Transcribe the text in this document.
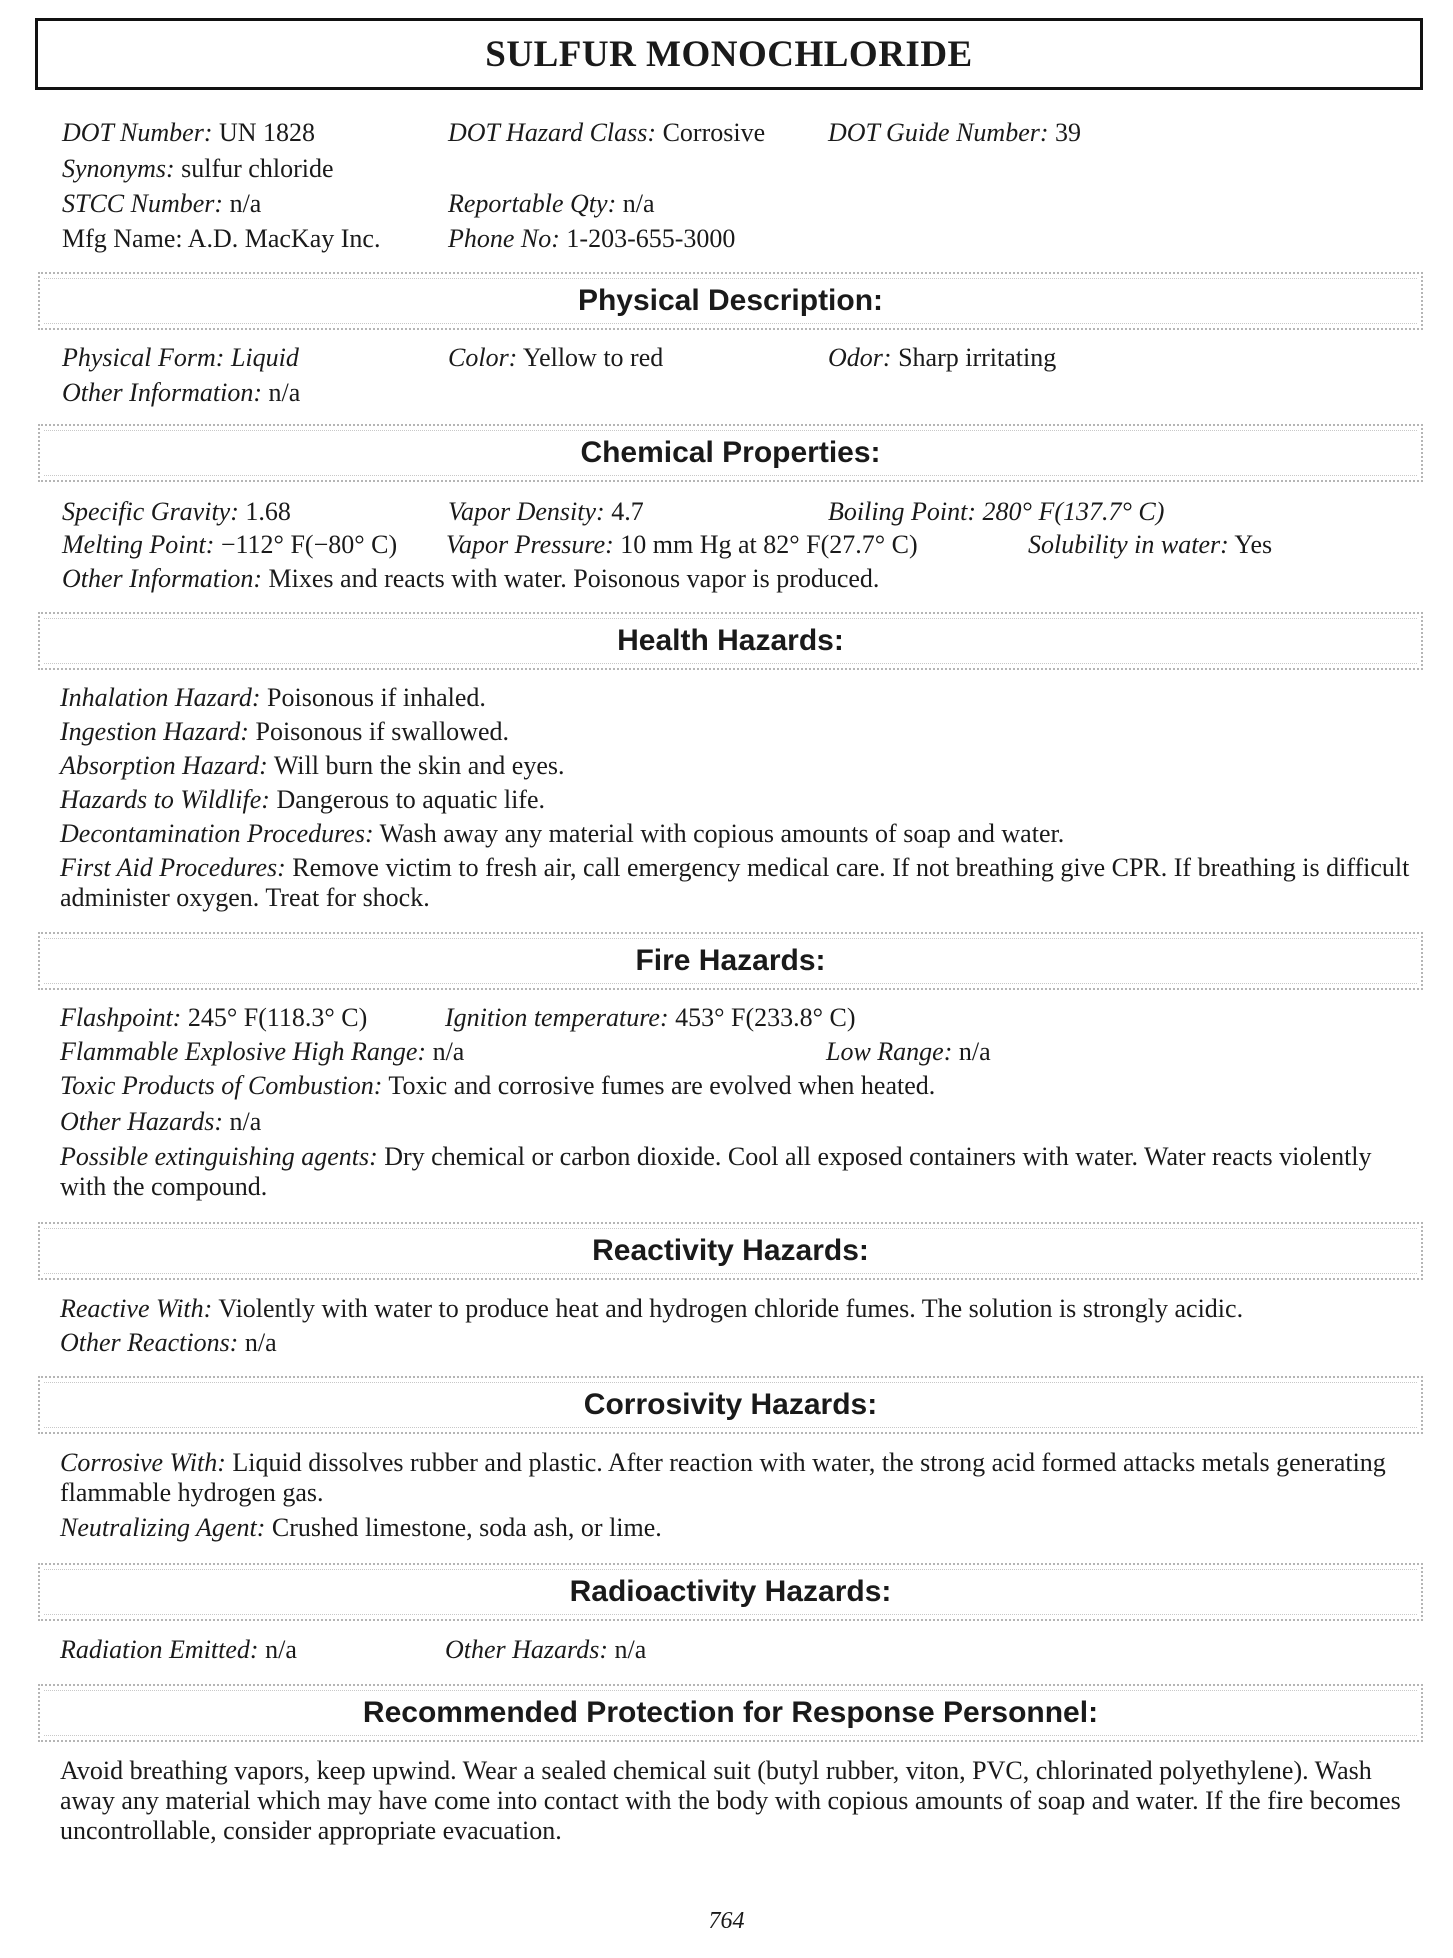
SULFUR MONOCHLORIDE
DOT Number: UN 1828	DOT Hazard Class: Corrosive DOT Guide Number: 39
Synonyms: sulfur chloride
STCC Number: n/a	Reportable Qty: n/a
Mfg Name: A.D. MacKay Inc.	Phone No: 1-203-655-3000
Physical Description:
Physical Form: Liquid	Color: Yellow to red	Odor: Sharp irritating
Other Information: n/a
Chemical Properties:
Specific Gravity: 1.68	Vapor Density: 4.7	Boiling Point: 280° F(137.7° C)
Melting Point: −112° F(−80° C) Vapor Pressure: 10 mm Hg at 82° F(27.7° C)	Solubility in water: Yes
Other Information: Mixes and reacts with water. Poisonous vapor is produced.
Health Hazards:
Inhalation Hazard: Poisonous if inhaled.
Ingestion Hazard: Poisonous if swallowed.
Absorption Hazard: Will burn the skin and eyes.
Hazards to Wildlife: Dangerous to aquatic life.
Decontamination Procedures: Wash away any material with copious amounts of soap and water.
First Aid Procedures: Remove victim to fresh air, call emergency medical care. If not breathing give CPR. If breathing is difficult administer oxygen. Treat for shock.
Fire Hazards:
Flashpoint: 245° F(118.3° C)	Ignition temperature: 453° F(233.8° C)
Flammable Explosive High Range: n/a	Low Range: n/a
Toxic Products of Combustion: Toxic and corrosive fumes are evolved when heated.
Other Hazards: n/a
Possible extinguishing agents: Dry chemical or carbon dioxide. Cool all exposed containers with water. Water reacts violently with the compound.
Reactivity Hazards:
Reactive With: Violently with water to produce heat and hydrogen chloride fumes. The solution is strongly acidic.
Other Reactions: n/a
Corrosivity Hazards:
Corrosive With: Liquid dissolves rubber and plastic. After reaction with water, the strong acid formed attacks metals generating flammable hydrogen gas.
Neutralizing Agent: Crushed limestone, soda ash, or lime.
Radioactivity Hazards:
Radiation Emitted: n/a	Other Hazards: n/a
Recommended Protection for Response Personnel:
Avoid breathing vapors, keep upwind. Wear a sealed chemical suit (butyl rubber, viton, PVC, chlorinated polyethylene). Wash away any material which may have come into contact with the body with copious amounts of soap and water. If the fire becomes uncontrollable, consider appropriate evacuation.
764
